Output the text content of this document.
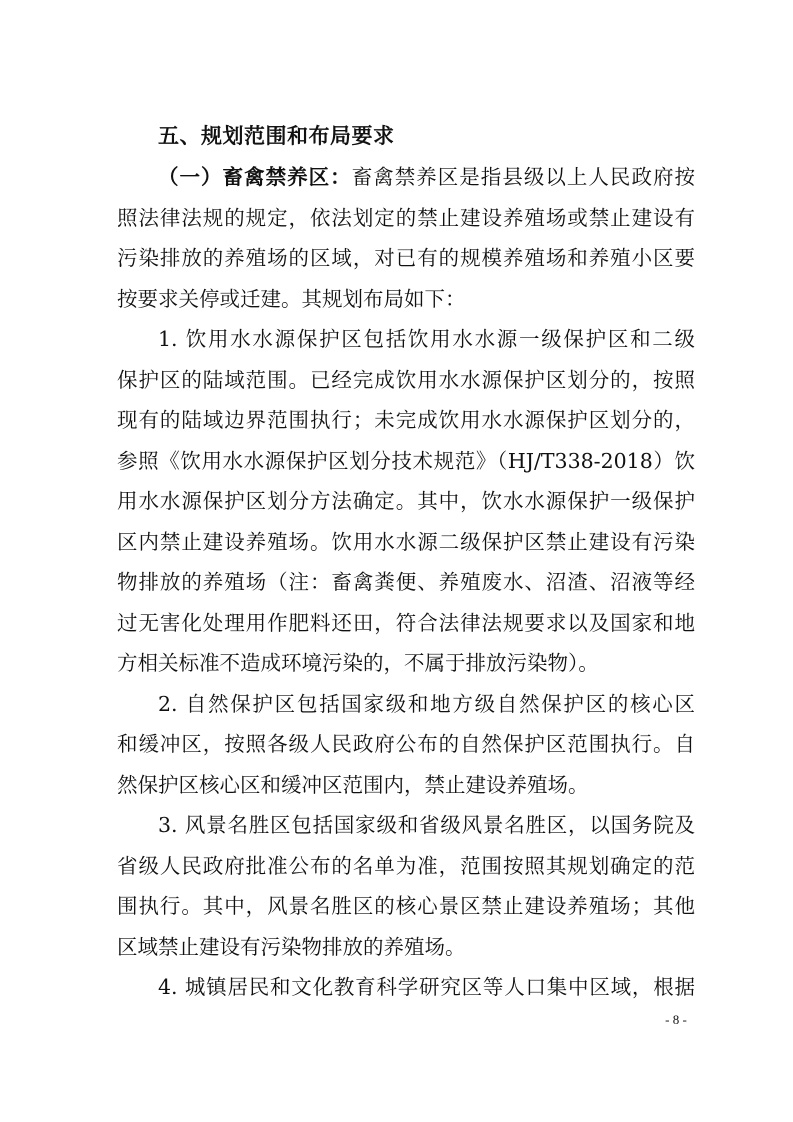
五、规划范围和布局要求
（一）畜禽禁养区：畜禽禁养区是指县级以上人民政府按
照法律法规的规定，依法划定的禁止建设养殖场或禁止建设有
污染排放的养殖场的区域，对已有的规模养殖场和养殖小区要
按要求关停或迁建。其规划布局如下：
1. 饮用水水源保护区包括饮用水水源一级保护区和二级
保护区的陆域范围。已经完成饮用水水源保护区划分的，按照
现有的陆域边界范围执行；未完成饮用水水源保护区划分的，
参照《饮用水水源保护区划分技术规范》（HJ/T338-2018）饮
用水水源保护区划分方法确定。其中，饮水水源保护一级保护
区内禁止建设养殖场。饮用水水源二级保护区禁止建设有污染
物排放的养殖场（注：畜禽粪便、养殖废水、沼渣、沼液等经
过无害化处理用作肥料还田，符合法律法规要求以及国家和地
方相关标准不造成环境污染的，不属于排放污染物）。
2. 自然保护区包括国家级和地方级自然保护区的核心区
和缓冲区，按照各级人民政府公布的自然保护区范围执行。自
然保护区核心区和缓冲区范围内，禁止建设养殖场。
3. 风景名胜区包括国家级和省级风景名胜区，以国务院及
省级人民政府批准公布的名单为准，范围按照其规划确定的范
围执行。其中，风景名胜区的核心景区禁止建设养殖场；其他
区域禁止建设有污染物排放的养殖场。
4. 城镇居民和文化教育科学研究区等人口集中区域，根据
- 8 -
